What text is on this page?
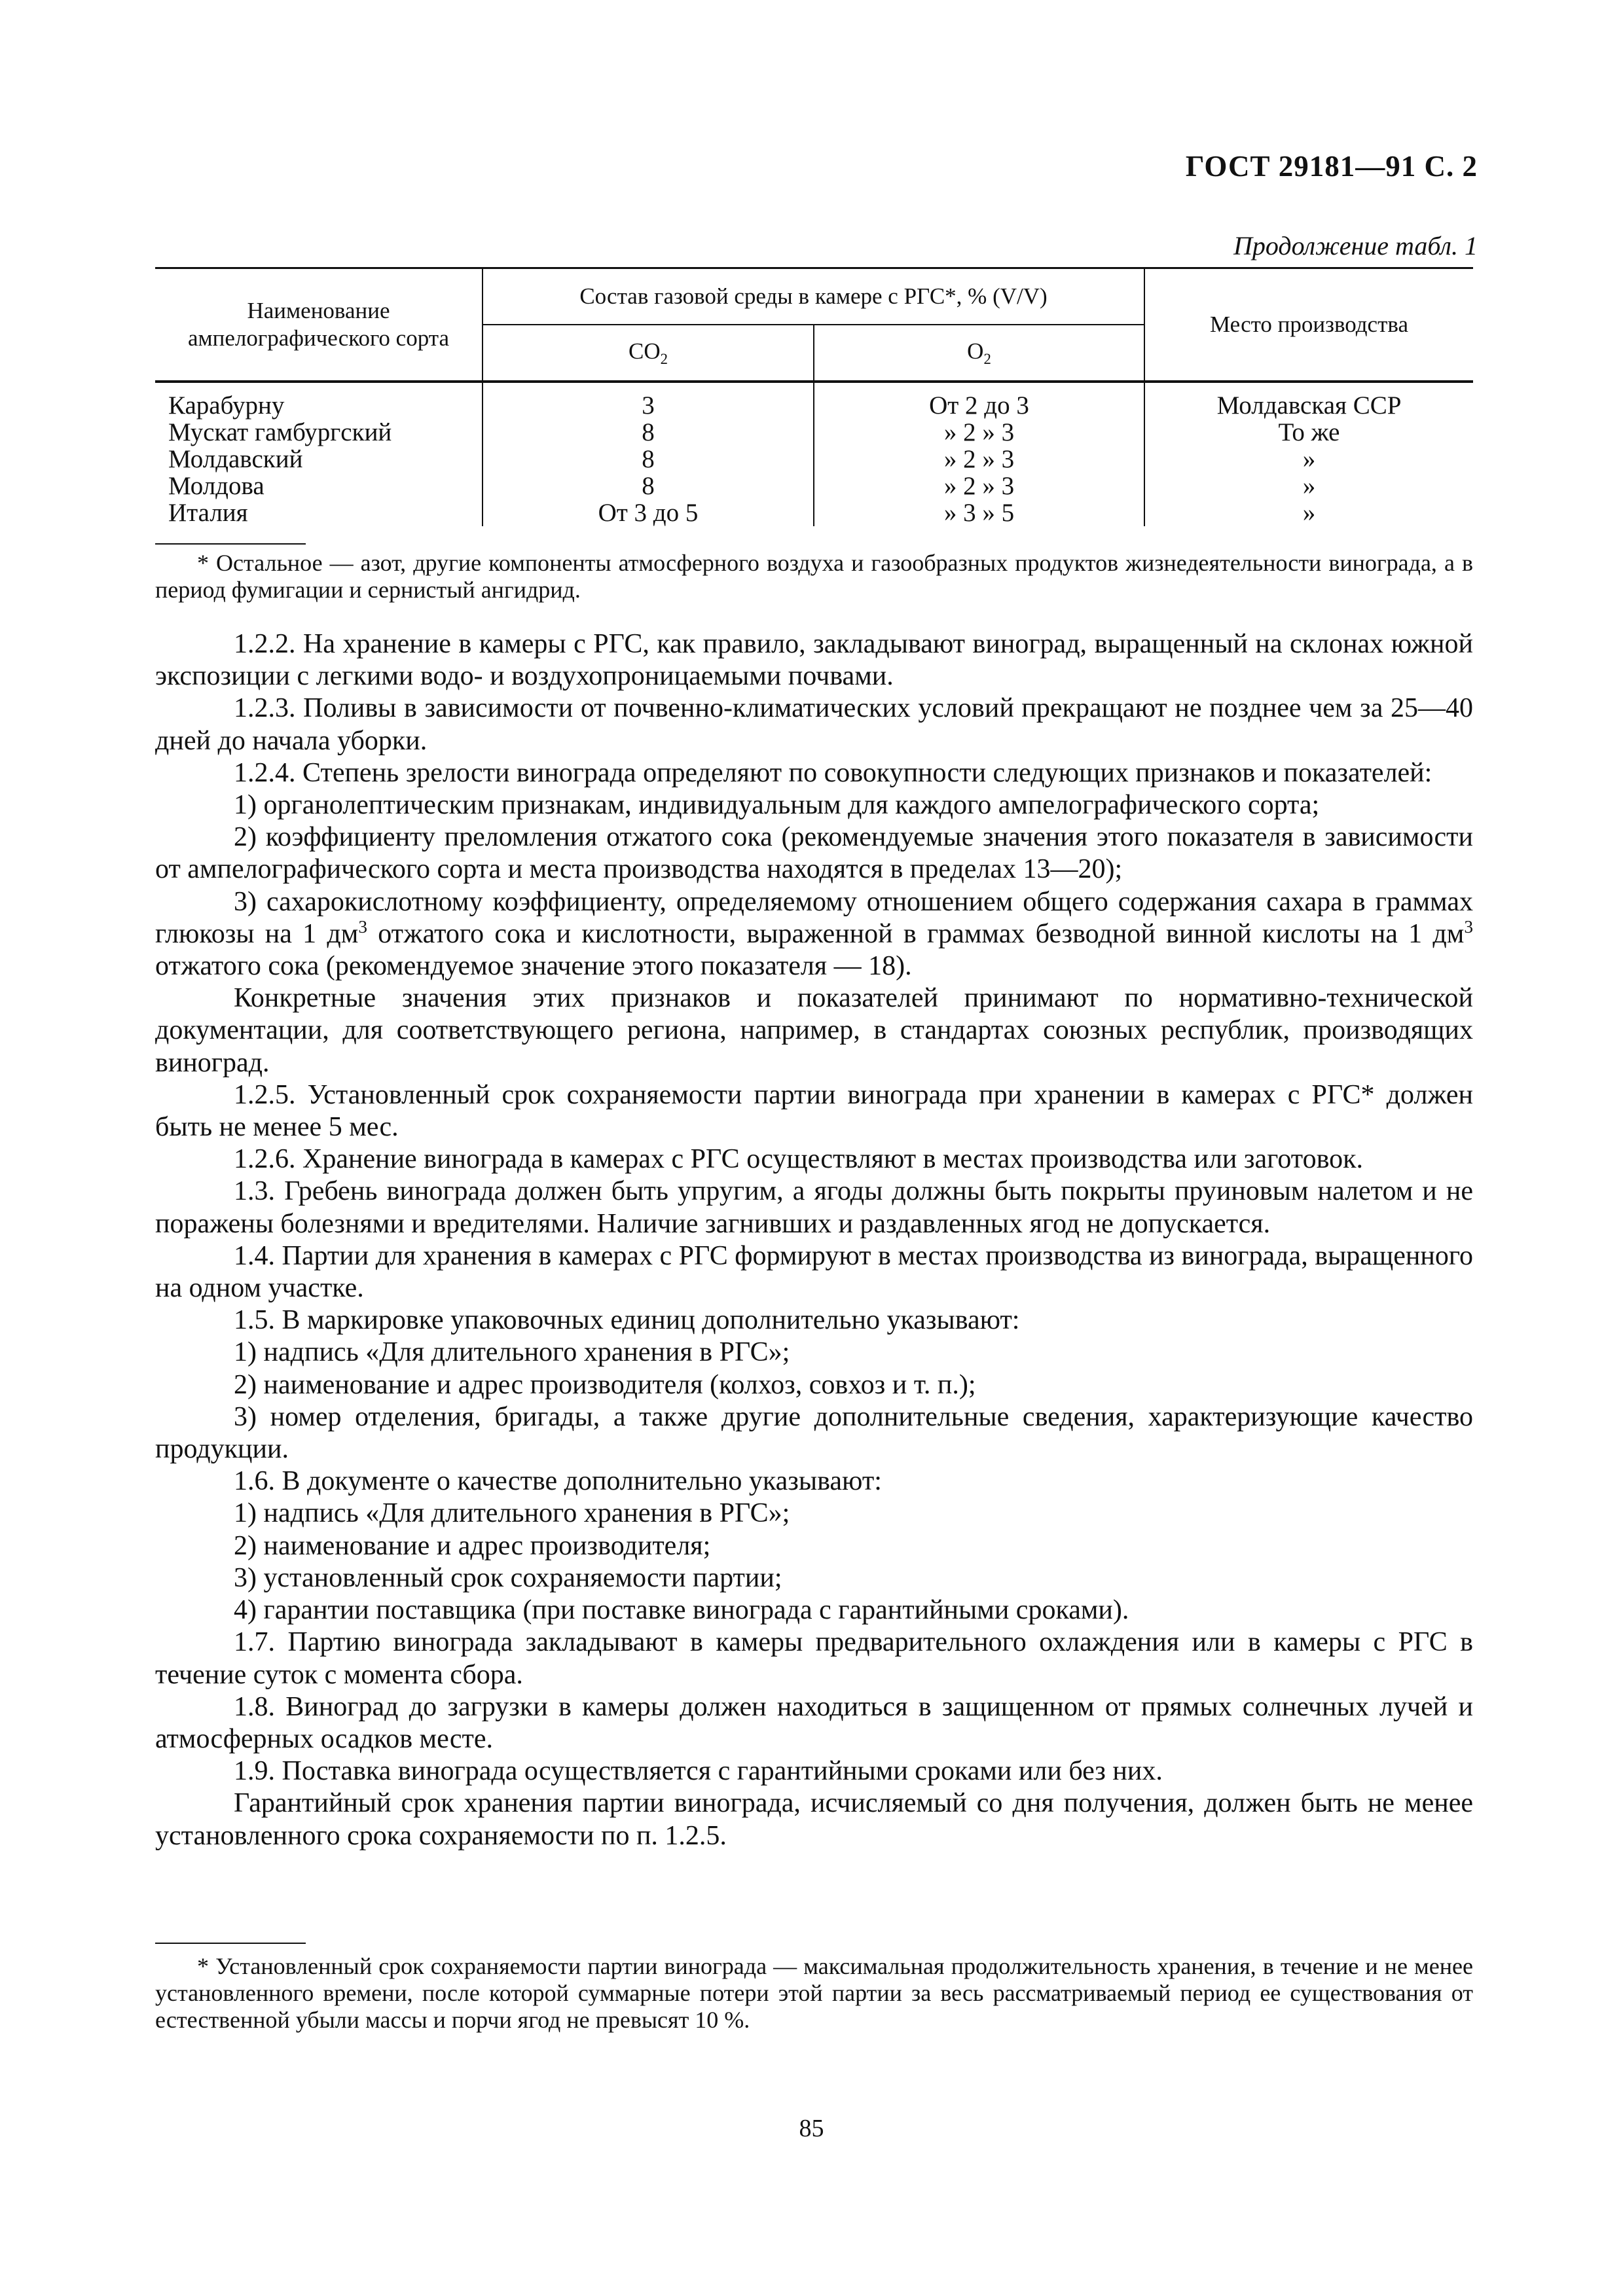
ГОСТ 29181—91 С. 2
Продолжение табл. 1
Наименование ампелографического сорта	Состав газовой среды в камере с РГС*, % (V/V)		Место производства
	$CO_2$	$O_2$
Карабурну	3	От 2 до 3	Молдавская ССР
Мускат гамбургский	8	» 2 » 3	То же
Молдавский	8	» 2 » 3	»
Молдова	8	» 2 » 3	»
Италия	От 3 до 5	» 3 » 5	»

* Остальное — азот, другие компоненты атмосферного воздуха и газообразных продуктов жизнедеятельности винограда, а в период фумигации и сернистый ангидрид.

1.2.2. На хранение в камеры с РГС, как правило, закладывают виноград, выращенный на склонах южной экспозиции с легкими водо- и воздухопроницаемыми почвами.

1.2.3. Поливы в зависимости от почвенно-климатических условий прекращают не позднее чем за 25—40 дней до начала уборки.

1.2.4. Степень зрелости винограда определяют по совокупности следующих признаков и показателей:

1) органолептическим признакам, индивидуальным для каждого ампелографического сорта;

2) коэффициенту преломления отжатого сока (рекомендуемые значения этого показателя в зависимости от ампелографического сорта и места производства находятся в пределах 13—20);

3) сахарокислотному коэффициенту, определяемому отношением общего содержания сахара в граммах глюкозы на 1 $дм^3$ отжатого сока и кислотности, выраженной в граммах безводной винной кислоты на 1 $дм^3$ отжатого сока (рекомендуемое значение этого показателя — 18).

Конкретные значения этих признаков и показателей принимают по нормативно-технической документации, для соответствующего региона, например, в стандартах союзных республик, производящих виноград.

1.2.5. Установленный срок сохраняемости партии винограда при хранении в камерах с РГС* должен быть не менее 5 мес.

1.2.6. Хранение винограда в камерах с РГС осуществляют в местах производства или заготовок.

1.3. Гребень винограда должен быть упругим, а ягоды должны быть покрыты пруиновым налетом и не поражены болезнями и вредителями. Наличие загнивших и раздавленных ягод не допускается.

1.4. Партии для хранения в камерах с РГС формируют в местах производства из винограда, выращенного на одном участке.

1.5. В маркировке упаковочных единиц дополнительно указывают:

1) надпись «Для длительного хранения в РГС»;

2) наименование и адрес производителя (колхоз, совхоз и т. п.);

3) номер отделения, бригады, а также другие дополнительные сведения, характеризующие качество продукции.

1.6. В документе о качестве дополнительно указывают:

1) надпись «Для длительного хранения в РГС»;

2) наименование и адрес производителя;

3) установленный срок сохраняемости партии;

4) гарантии поставщика (при поставке винограда с гарантийными сроками).

1.7. Партию винограда закладывают в камеры предварительного охлаждения или в камеры с РГС в течение суток с момента сбора.

1.8. Виноград до загрузки в камеры должен находиться в защищенном от прямых солнечных лучей и атмосферных осадков месте.

1.9. Поставка винограда осуществляется с гарантийными сроками или без них.

Гарантийный срок хранения партии винограда, исчисляемый со дня получения, должен быть не менее установленного срока сохраняемости по п. 1.2.5.

* Установленный срок сохраняемости партии винограда — максимальная продолжительность хранения, в течение и не менее установленного времени, после которой суммарные потери этой партии за весь рассматриваемый период ее существования от естественной убыли массы и порчи ягод не превысят 10 %.

85
